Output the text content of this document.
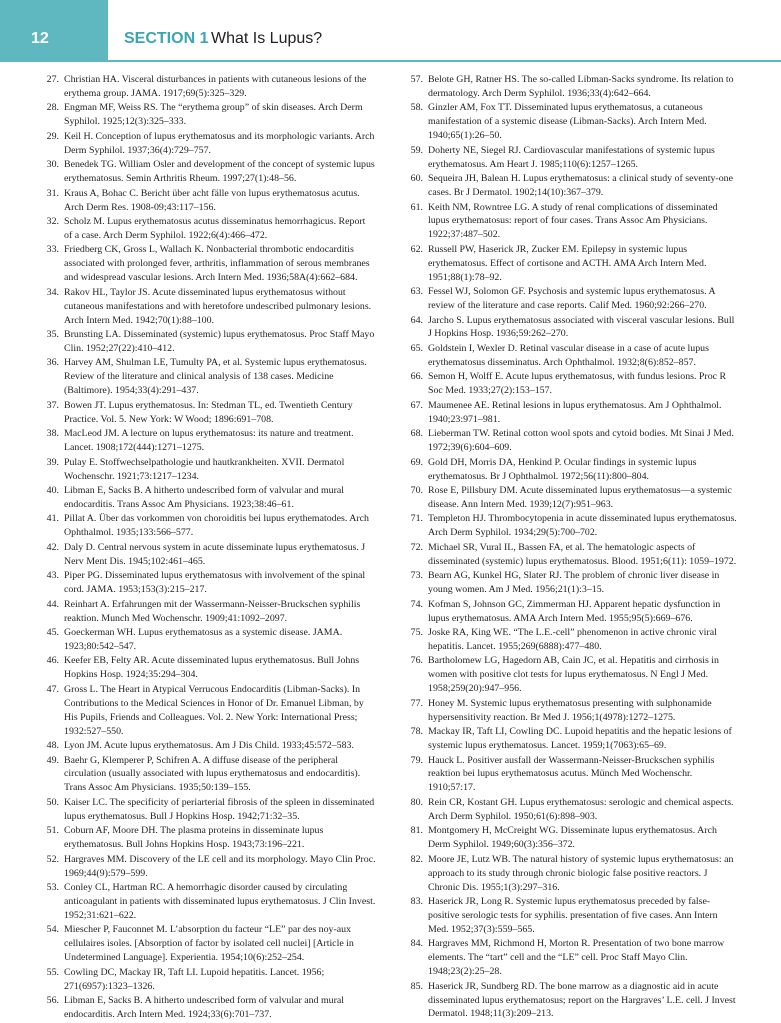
12	SECTION 1 What Is Lupus?

27. Christian HA. Visceral disturbances in patients with cutaneous lesions of the erythema group. JAMA. 1917;69(5):325–329.

28. Engman MF, Weiss RS. The “erythema group” of skin diseases. Arch Derm Syphilol. 1925;12(3):325–333.

29. Keil H. Conception of lupus erythematosus and its morphologic variants. Arch Derm Syphilol. 1937;36(4):729–757.

30. Benedek TG. William Osler and development of the concept of systemic lupus erythematosus. Semin Arthritis Rheum. 1997;27(1):48–56.

31. Kraus A, Bohac C. Bericht über acht fälle von lupus erythematosus acutus. Arch Derm Res. 1908-09;43:117–156.

32. Scholz M. Lupus erythematosus acutus disseminatus hemorrhagicus. Report of a case. Arch Derm Syphilol. 1922;6(4):466–472.

33. Friedberg CK, Gross L, Wallach K. Nonbacterial thrombotic endocarditis associated with prolonged fever, arthritis, inflammation of serous membranes and widespread vascular lesions. Arch Intern Med. 1936;58A(4):662–684.

34. Rakov HL, Taylor JS. Acute disseminated lupus erythematosus without cutaneous manifestations and with heretofore undescribed pulmonary lesions. Arch Intern Med. 1942;70(1):88–100.

35. Brunsting LA. Disseminated (systemic) lupus erythematosus. Proc Staff Mayo Clin. 1952;27(22):410–412.

36. Harvey AM, Shulman LE, Tumulty PA, et al. Systemic lupus erythematosus. Review of the literature and clinical analysis of 138 cases. Medicine (Baltimore). 1954;33(4):291–437.

37. Bowen JT. Lupus erythematosus. In: Stedman TL, ed. Twentieth Century Practice. Vol. 5. New York: W Wood; 1896:691–708.

38. MacLeod JM. A lecture on lupus erythematosus: its nature and treatment. Lancet. 1908;172(444):1271–1275.

39. Pulay E. Stoffwechselpathologie und hautkrankheiten. XVII. Dermatol Wochenschr. 1921;73:1217–1234.

40. Libman E, Sacks B. A hitherto undescribed form of valvular and mural endocarditis. Trans Assoc Am Physicians. 1923;38:46–61.

41. Pillat A. Über das vorkommen von choroiditis bei lupus erythematodes. Arch Ophthalmol. 1935;133:566–577.

42. Daly D. Central nervous system in acute disseminate lupus erythematosus. J Nerv Ment Dis. 1945;102:461–465.

43. Piper PG. Disseminated lupus erythematosus with involvement of the spinal cord. JAMA. 1953;153(3):215–217.

44. Reinhart A. Erfahrungen mit der Wassermann-Neisser-Bruckschen syphilis reaktion. Munch Med Wochenschr. 1909;41:1092–2097.

45. Goeckerman WH. Lupus erythematosus as a systemic disease. JAMA. 1923;80:542–547.

46. Keefer EB, Felty AR. Acute disseminated lupus erythematosus. Bull Johns Hopkins Hosp. 1924;35:294–304.

47. Gross L. The Heart in Atypical Verrucous Endocarditis (Libman-Sacks). In Contributions to the Medical Sciences in Honor of Dr. Emanuel Libman, by His Pupils, Friends and Colleagues. Vol. 2. New York: International Press; 1932:527–550.

48. Lyon JM. Acute lupus erythematosus. Am J Dis Child. 1933;45:572–583.

49. Baehr G, Klemperer P, Schifren A. A diffuse disease of the peripheral circulation (usually associated with lupus erythematosus and endocarditis). Trans Assoc Am Physicians. 1935;50:139–155.

50. Kaiser LC. The specificity of periarterial fibrosis of the spleen in disseminated lupus erythematosus. Bull J Hopkins Hosp. 1942;71:32–35.

51. Coburn AF, Moore DH. The plasma proteins in disseminate lupus erythematosus. Bull Johns Hopkins Hosp. 1943;73:196–221.

52. Hargraves MM. Discovery of the LE cell and its morphology. Mayo Clin Proc. 1969;44(9):579–599.

53. Conley CL, Hartman RC. A hemorrhagic disorder caused by circulating anticoagulant in patients with disseminated lupus erythematosus. J Clin Invest. 1952;31:621–622.

54. Miescher P, Fauconnet M. L’absorption du facteur “LE” par des noy-aux cellulaires isoles. [Absorption of factor by isolated cell nuclei] [Article in Undetermined Language]. Experientia. 1954;10(6):252–254.

55. Cowling DC, Mackay IR, Taft LI. Lupoid hepatitis. Lancet. 1956; 271(6957):1323–1326.

56. Libman E, Sacks B. A hitherto undescribed form of valvular and mural endocarditis. Arch Intern Med. 1924;33(6):701–737.

57. Belote GH, Ratner HS. The so-called Libman-Sacks syndrome. Its relation to dermatology. Arch Derm Syphilol. 1936;33(4):642–664.

58. Ginzler AM, Fox TT. Disseminated lupus erythematosus, a cutaneous manifestation of a systemic disease (Libman-Sacks). Arch Intern Med. 1940;65(1):26–50.

59. Doherty NE, Siegel RJ. Cardiovascular manifestations of systemic lupus erythematosus. Am Heart J. 1985;110(6):1257–1265.

60. Sequeira JH, Balean H. Lupus erythematosus: a clinical study of seventy-one cases. Br J Dermatol. 1902;14(10):367–379.

61. Keith NM, Rowntree LG. A study of renal complications of disseminated lupus erythematosus: report of four cases. Trans Assoc Am Physicians. 1922;37:487–502.

62. Russell PW, Haserick JR, Zucker EM. Epilepsy in systemic lupus erythematosus. Effect of cortisone and ACTH. AMA Arch Intern Med. 1951;88(1):78–92.

63. Fessel WJ, Solomon GF. Psychosis and systemic lupus erythematosus. A review of the literature and case reports. Calif Med. 1960;92:266–270.

64. Jarcho S. Lupus erythematosus associated with visceral vascular lesions. Bull J Hopkins Hosp. 1936;59:262–270.

65. Goldstein I, Wexler D. Retinal vascular disease in a case of acute lupus erythematosus disseminatus. Arch Ophthalmol. 1932;8(6):852–857.

66. Semon H, Wolff E. Acute lupus erythematosus, with fundus lesions. Proc R Soc Med. 1933;27(2):153–157.

67. Maumenee AE. Retinal lesions in lupus erythematosus. Am J Ophthalmol. 1940;23:971–981.

68. Lieberman TW. Retinal cotton wool spots and cytoid bodies. Mt Sinai J Med. 1972;39(6):604–609.

69. Gold DH, Morris DA, Henkind P. Ocular findings in systemic lupus erythematosus. Br J Ophthalmol. 1972;56(11):800–804.

70. Rose E, Pillsbury DM. Acute disseminated lupus erythematosus—a systemic disease. Ann Intern Med. 1939;12(7):951–963.

71. Templeton HJ. Thrombocytopenia in acute disseminated lupus erythematosus. Arch Derm Syphilol. 1934;29(5):700–702.

72. Michael SR, Vural IL, Bassen FA, et al. The hematologic aspects of disseminated (systemic) lupus erythematosus. Blood. 1951;6(11): 1059–1972.

73. Bearn AG, Kunkel HG, Slater RJ. The problem of chronic liver disease in young women. Am J Med. 1956;21(1):3–15.

74. Kofman S, Johnson GC, Zimmerman HJ. Apparent hepatic dysfunction in lupus erythematosus. AMA Arch Intern Med. 1955;95(5):669–676.

75. Joske RA, King WE. “The L.E.-cell” phenomenon in active chronic viral hepatitis. Lancet. 1955;269(6888):477–480.

76. Bartholomew LG, Hagedorn AB, Cain JC, et al. Hepatitis and cirrhosis in women with positive clot tests for lupus erythematosus. N Engl J Med. 1958;259(20):947–956.

77. Honey M. Systemic lupus erythematosus presenting with sulphonamide hypersensitivity reaction. Br Med J. 1956;1(4978):1272–1275.

78. Mackay IR, Taft LI, Cowling DC. Lupoid hepatitis and the hepatic lesions of systemic lupus erythematosus. Lancet. 1959;1(7063):65–69.

79. Hauck L. Positiver ausfall der Wassermann-Neisser-Bruckschen syphilis reaktion bei lupus erythematosus acutus. Münch Med Wochenschr. 1910;57:17.

80. Rein CR, Kostant GH. Lupus erythematosus: serologic and chemical aspects. Arch Derm Syphilol. 1950;61(6):898–903.

81. Montgomery H, McCreight WG. Disseminate lupus erythematosus. Arch Derm Syphilol. 1949;60(3):356–372.

82. Moore JE, Lutz WB. The natural history of systemic lupus erythematosus: an approach to its study through chronic biologic false positive reactors. J Chronic Dis. 1955;1(3):297–316.

83. Haserick JR, Long R. Systemic lupus erythematosus preceded by false-positive serologic tests for syphilis. presentation of five cases. Ann Intern Med. 1952;37(3):559–565.

84. Hargraves MM, Richmond H, Morton R. Presentation of two bone marrow elements. The “tart” cell and the “LE” cell. Proc Staff Mayo Clin. 1948;23(2):25–28.

85. Haserick JR, Sundberg RD. The bone marrow as a diagnostic aid in acute disseminated lupus erythematosus; report on the Hargraves’ L.E. cell. J Invest Dermatol. 1948;11(3):209–213.
